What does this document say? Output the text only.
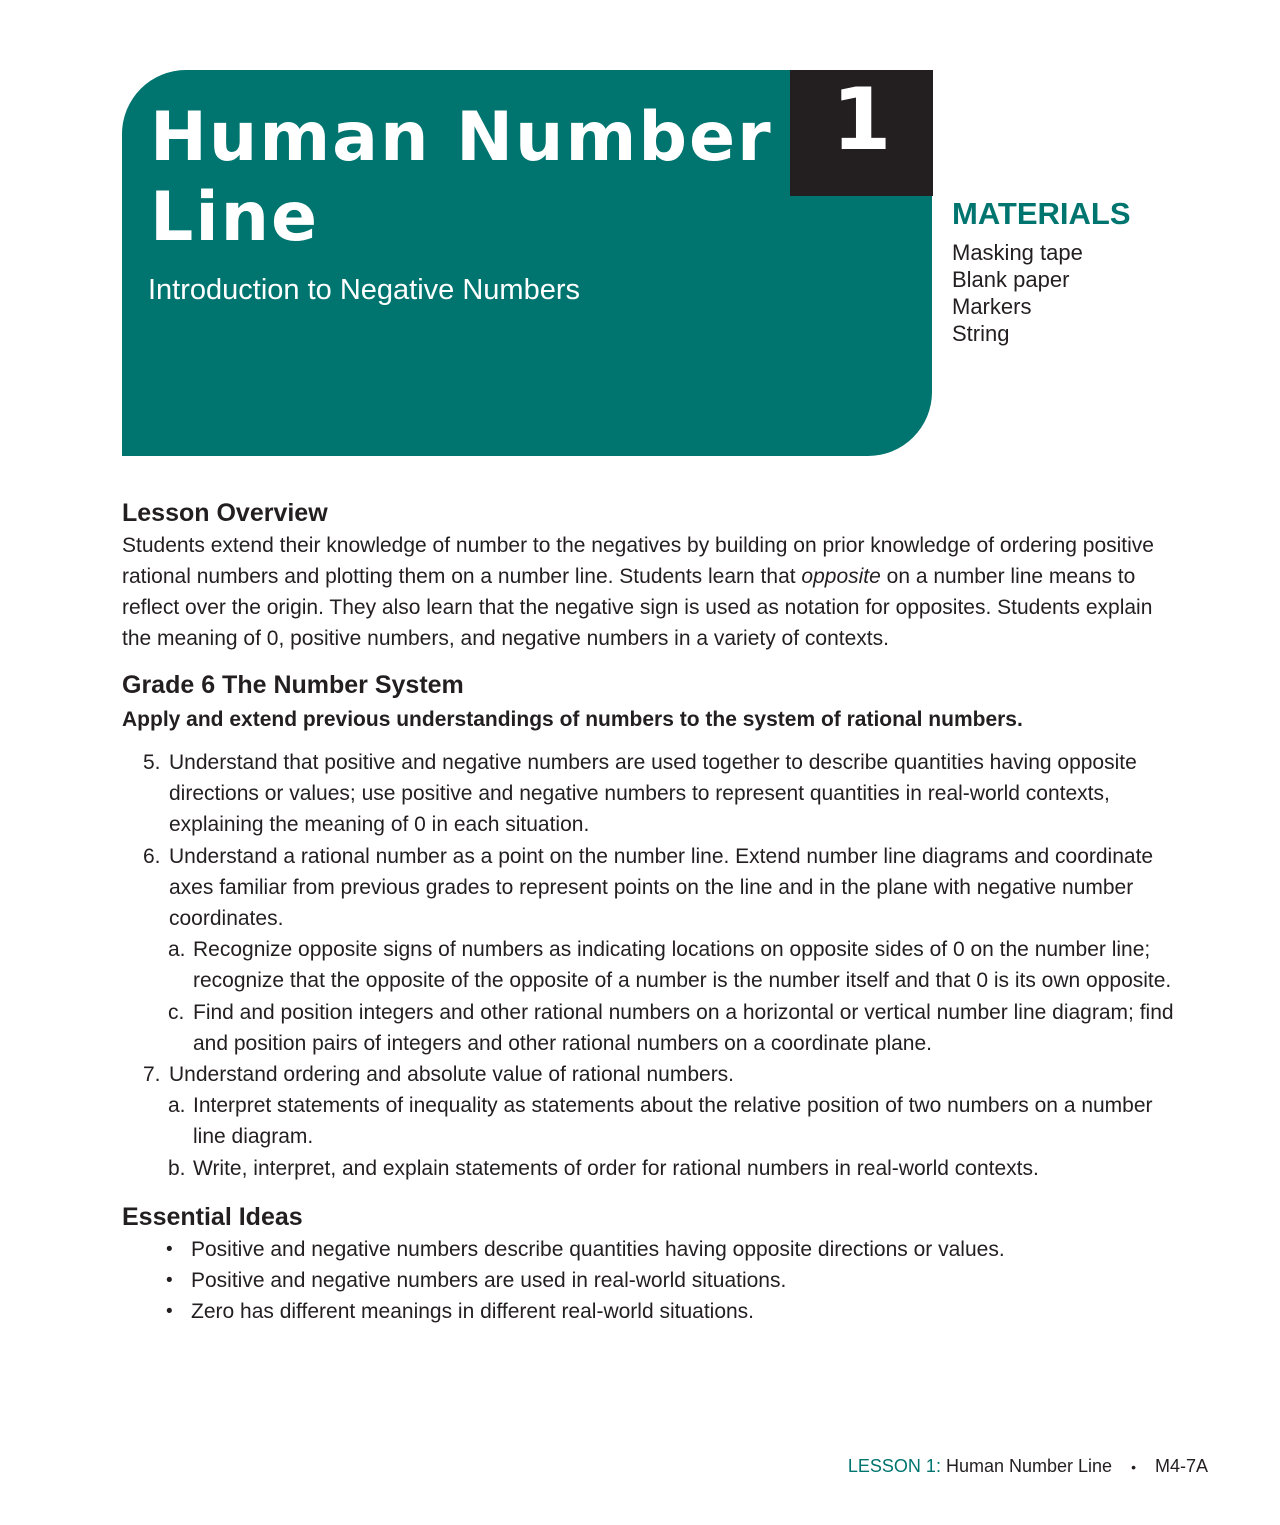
Human Number Line

Introduction to Negative Numbers

1
MATERIALS
Masking tape
Blank paper
Markers
String
Lesson Overview

Students extend their knowledge of number to the negatives by building on prior knowledge of ordering positive rational numbers and plotting them on a number line. Students learn that opposite on a number line means to reflect over the origin. They also learn that the negative sign is used as notation for opposites. Students explain the meaning of 0, positive numbers, and negative numbers in a variety of contexts.

Grade 6 The Number System

Apply and extend previous understandings of numbers to the system of rational numbers.

5. Understand that positive and negative numbers are used together to describe quantities having opposite directions or values; use positive and negative numbers to represent quantities in real-world contexts, explaining the meaning of 0 in each situation.
6. Understand a rational number as a point on the number line. Extend number line diagrams and coordinate axes familiar from previous grades to represent points on the line and in the plane with negative number coordinates.
a. Recognize opposite signs of numbers as indicating locations on opposite sides of 0 on the number line; recognize that the opposite of the opposite of a number is the number itself and that 0 is its own opposite.
c. Find and position integers and other rational numbers on a horizontal or vertical number line diagram; find and position pairs of integers and other rational numbers on a coordinate plane.
7. Understand ordering and absolute value of rational numbers.
a. Interpret statements of inequality as statements about the relative position of two numbers on a number line diagram.
b. Write, interpret, and explain statements of order for rational numbers in real-world contexts.
Essential Ideas
• Positive and negative numbers describe quantities having opposite directions or values.
• Positive and negative numbers are used in real-world situations.
• Zero has different meanings in different real-world situations.
LESSON 1: Human Number Line • M4-7A
